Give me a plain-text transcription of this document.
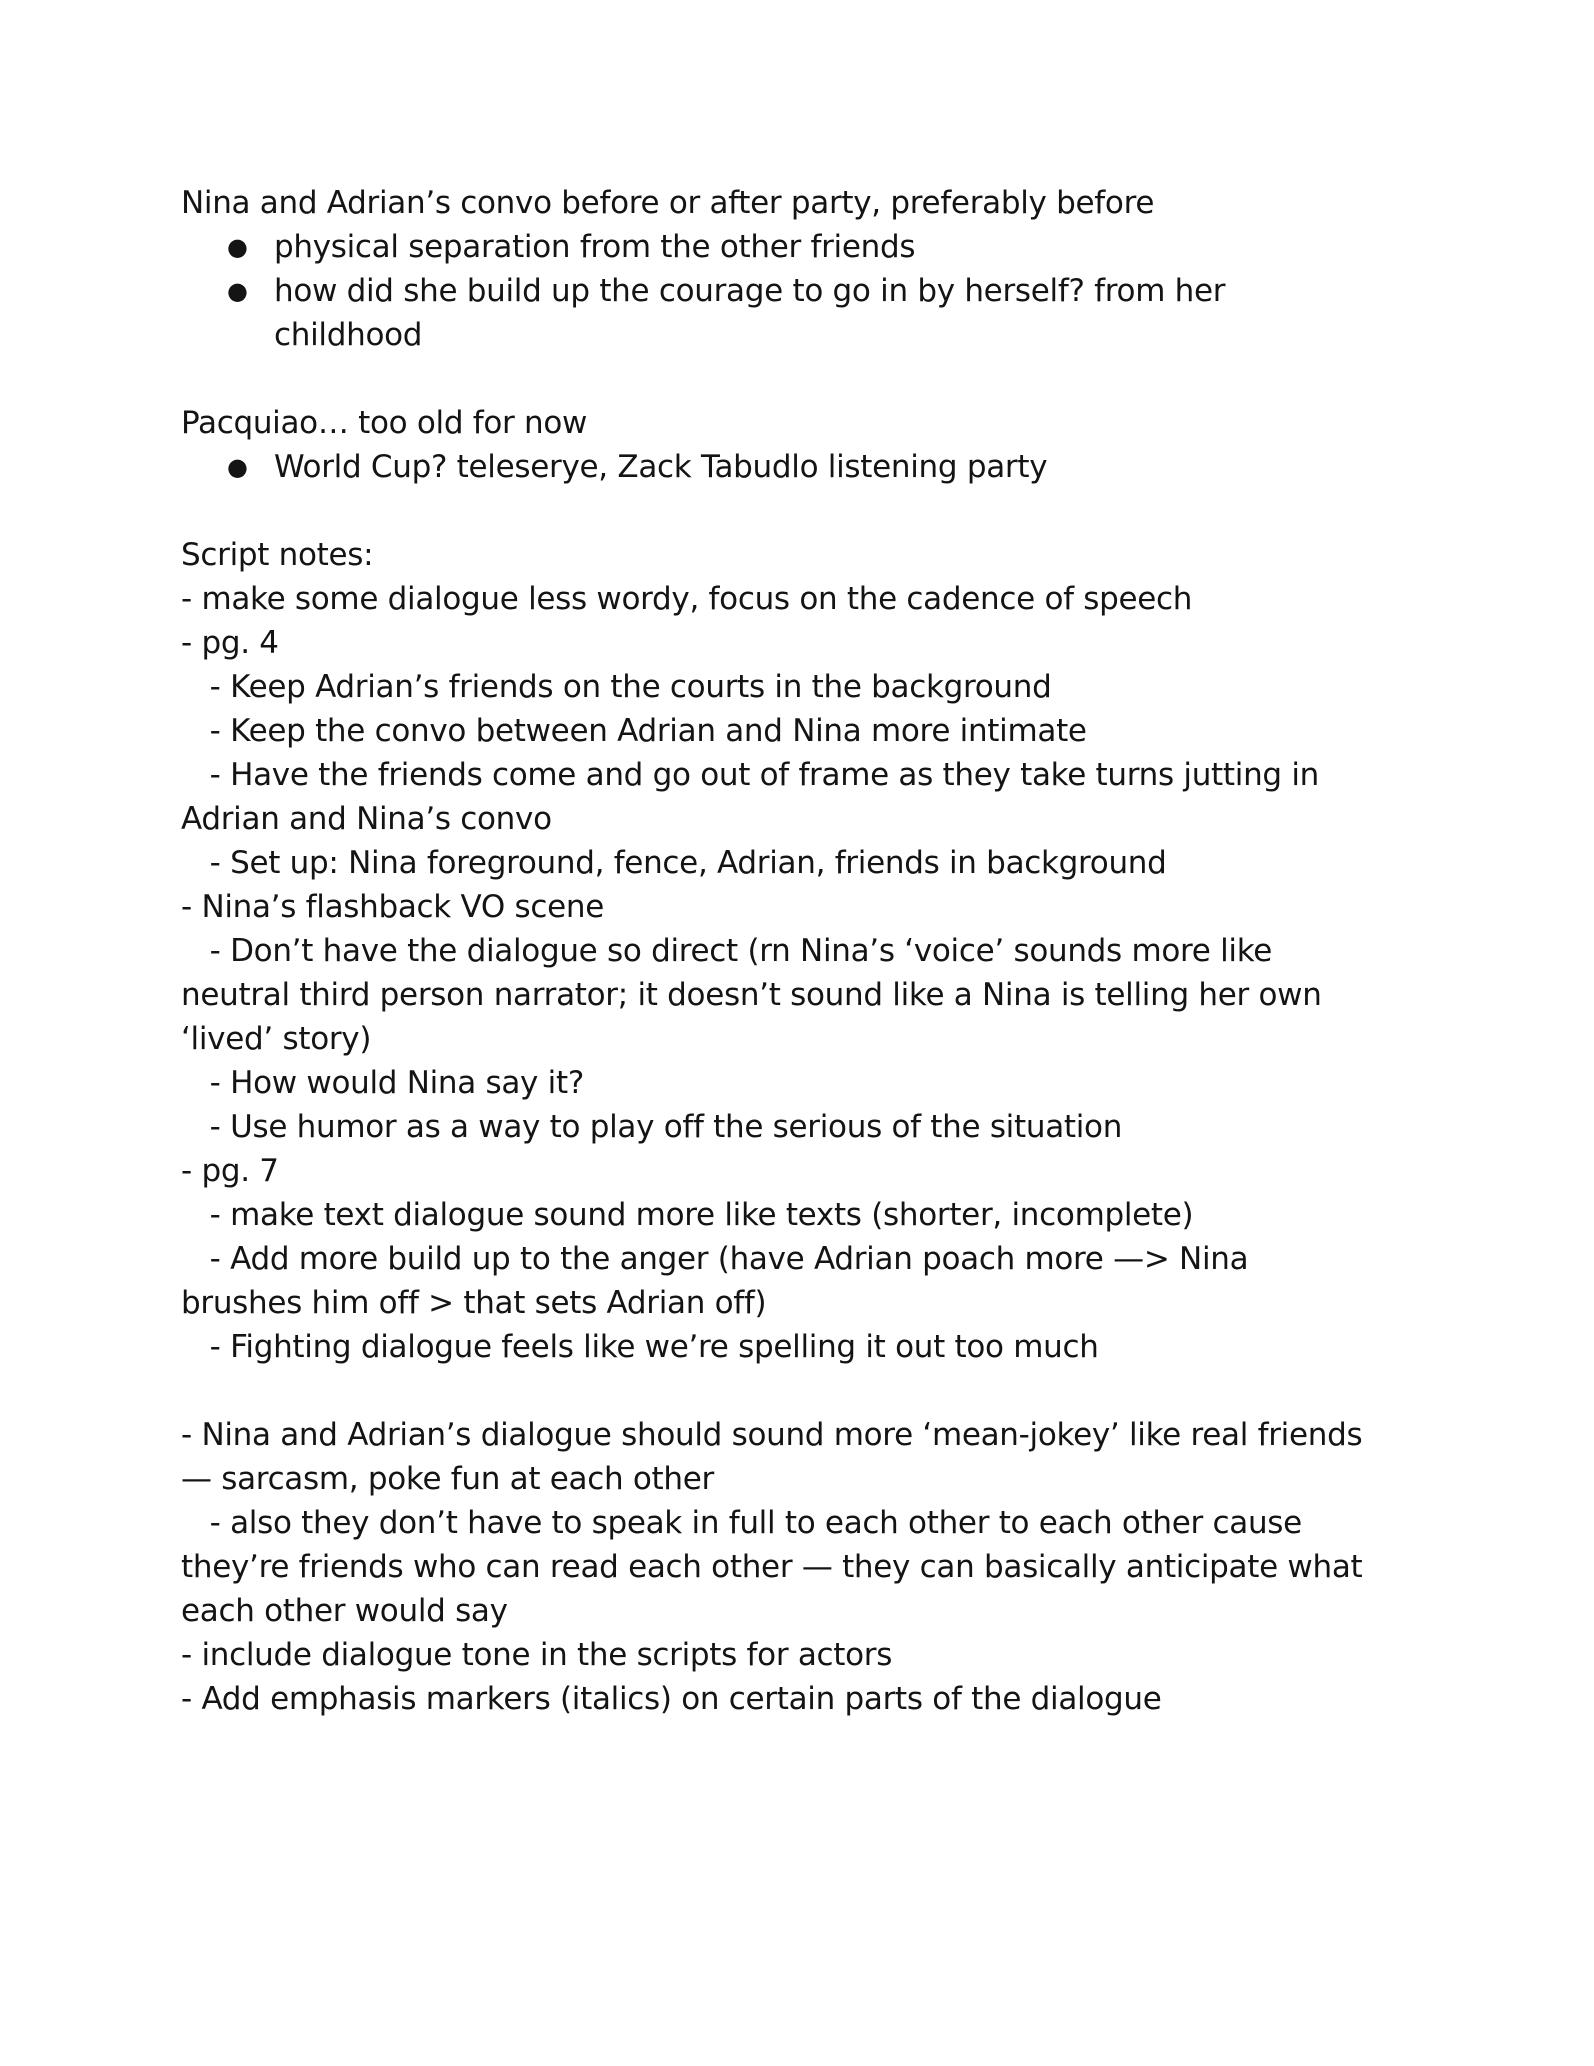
Nina and Adrian’s convo before or after party, preferably before
● physical separation from the other friends
● how did she build up the courage to go in by herself? from her
childhood
Pacquiao… too old for now
● World Cup? teleserye, Zack Tabudlo listening party
Script notes:
- make some dialogue less wordy, focus on the cadence of speech
- pg. 4
- Keep Adrian’s friends on the courts in the background
- Keep the convo between Adrian and Nina more intimate
- Have the friends come and go out of frame as they take turns jutting in
Adrian and Nina’s convo
- Set up: Nina foreground, fence, Adrian, friends in background
- Nina’s flashback VO scene
- Don’t have the dialogue so direct (rn Nina’s ‘voice’ sounds more like
neutral third person narrator; it doesn’t sound like a Nina is telling her own
‘lived’ story)
- How would Nina say it?
- Use humor as a way to play off the serious of the situation
- pg. 7
- make text dialogue sound more like texts (shorter, incomplete)
- Add more build up to the anger (have Adrian poach more —> Nina
brushes him off > that sets Adrian off)
- Fighting dialogue feels like we’re spelling it out too much
- Nina and Adrian’s dialogue should sound more ‘mean-jokey’ like real friends
— sarcasm, poke fun at each other
- also they don’t have to speak in full to each other to each other cause
they’re friends who can read each other — they can basically anticipate what
each other would say
- include dialogue tone in the scripts for actors
- Add emphasis markers (italics) on certain parts of the dialogue
